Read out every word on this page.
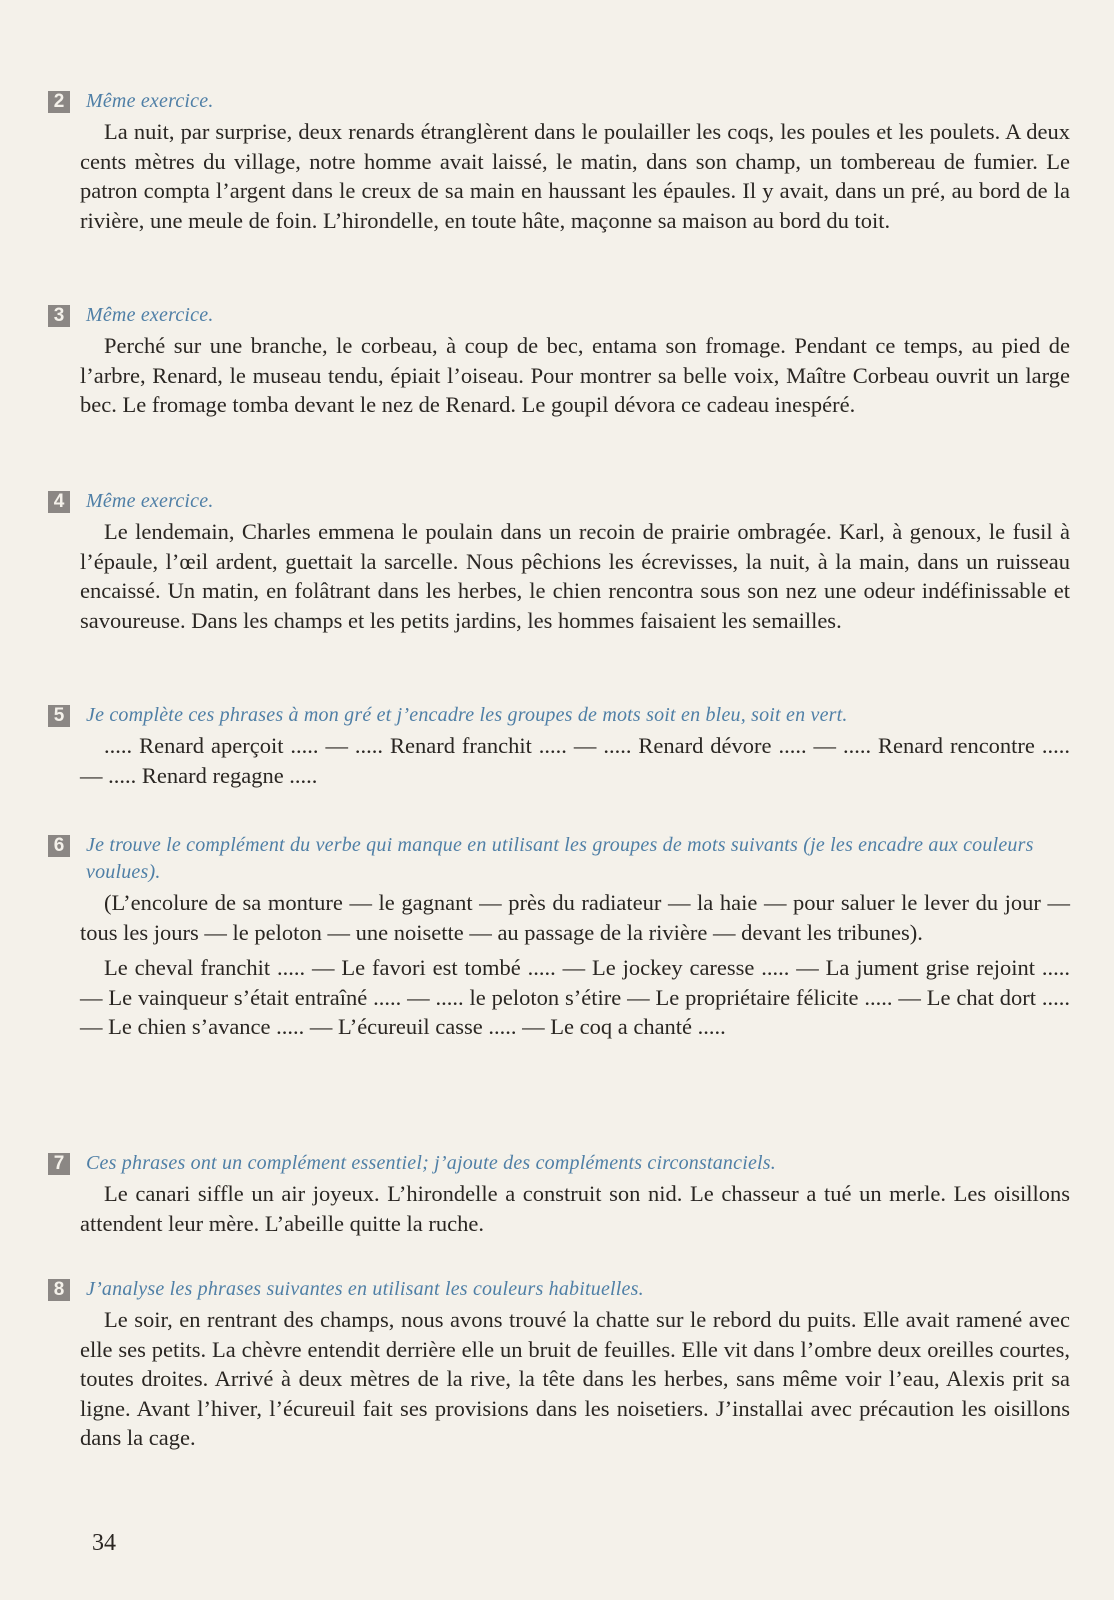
2 Même exercice.

La nuit, par surprise, deux renards étranglèrent dans le poulailler les coqs, les poules et les poulets. A deux cents mètres du village, notre homme avait laissé, le matin, dans son champ, un tombereau de fumier. Le patron compta l’argent dans le creux de sa main en haussant les épaules. Il y avait, dans un pré, au bord de la rivière, une meule de foin. L’hirondelle, en toute hâte, maçonne sa maison au bord du toit.

3 Même exercice.

Perché sur une branche, le corbeau, à coup de bec, entama son fromage. Pendant ce temps, au pied de l’arbre, Renard, le museau tendu, épiait l’oiseau. Pour montrer sa belle voix, Maître Corbeau ouvrit un large bec. Le fromage tomba devant le nez de Renard. Le goupil dévora ce cadeau inespéré.

4 Même exercice.

Le lendemain, Charles emmena le poulain dans un recoin de prairie ombragée. Karl, à genoux, le fusil à l’épaule, l’œil ardent, guettait la sarcelle. Nous pêchions les écrevisses, la nuit, à la main, dans un ruisseau encaissé. Un matin, en folâtrant dans les herbes, le chien rencontra sous son nez une odeur indéfinissable et savoureuse. Dans les champs et les petits jardins, les hommes faisaient les semailles.

5 Je complète ces phrases à mon gré et j’encadre les groupes de mots soit en bleu, soit en vert.

..... Renard aperçoit ..... — ..... Renard franchit ..... — ..... Renard dévore ..... — ..... Renard rencontre ..... — ..... Renard regagne .....

6 Je trouve le complément du verbe qui manque en utilisant les groupes de mots suivants (je les encadre aux couleurs voulues).

(L’encolure de sa monture — le gagnant — près du radiateur — la haie — pour saluer le lever du jour — tous les jours — le peloton — une noisette — au passage de la rivière — devant les tribunes).

Le cheval franchit ..... — Le favori est tombé ..... — Le jockey caresse ..... — La jument grise rejoint ..... — Le vainqueur s’était entraîné ..... — ..... le peloton s’étire — Le propriétaire félicite ..... — Le chat dort ..... — Le chien s’avance ..... — L’écureuil casse ..... — Le coq a chanté .....

7 Ces phrases ont un complément essentiel; j’ajoute des compléments circonstanciels.

Le canari siffle un air joyeux. L’hirondelle a construit son nid. Le chasseur a tué un merle. Les oisillons attendent leur mère. L’abeille quitte la ruche.

8 J’analyse les phrases suivantes en utilisant les couleurs habituelles.

Le soir, en rentrant des champs, nous avons trouvé la chatte sur le rebord du puits. Elle avait ramené avec elle ses petits. La chèvre entendit derrière elle un bruit de feuilles. Elle vit dans l’ombre deux oreilles courtes, toutes droites. Arrivé à deux mètres de la rive, la tête dans les herbes, sans même voir l’eau, Alexis prit sa ligne. Avant l’hiver, l’écureuil fait ses provisions dans les noisetiers. J’installai avec précaution les oisillons dans la cage.

34
